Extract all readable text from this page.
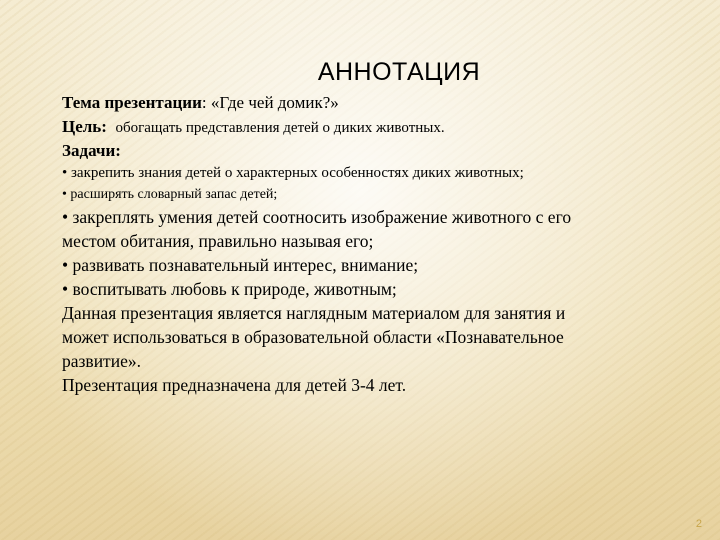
АННОТАЦИЯ

Тема презентации: «Где чей домик?»

Цель: обогащать представления детей о диких животных.

Задачи:

• закрепить знания детей о характерных особенностях диких животных;

• расширять словарный запас детей;

• закреплять умения детей соотносить изображение животного с его

местом обитания, правильно называя его;

• развивать познавательный интерес, внимание;

• воспитывать любовь к природе, животным;

Данная презентация является наглядным материалом для занятия и

может использоваться в образовательной области «Познавательное

развитие».

Презентация предназначена для детей 3-4 лет.

2
